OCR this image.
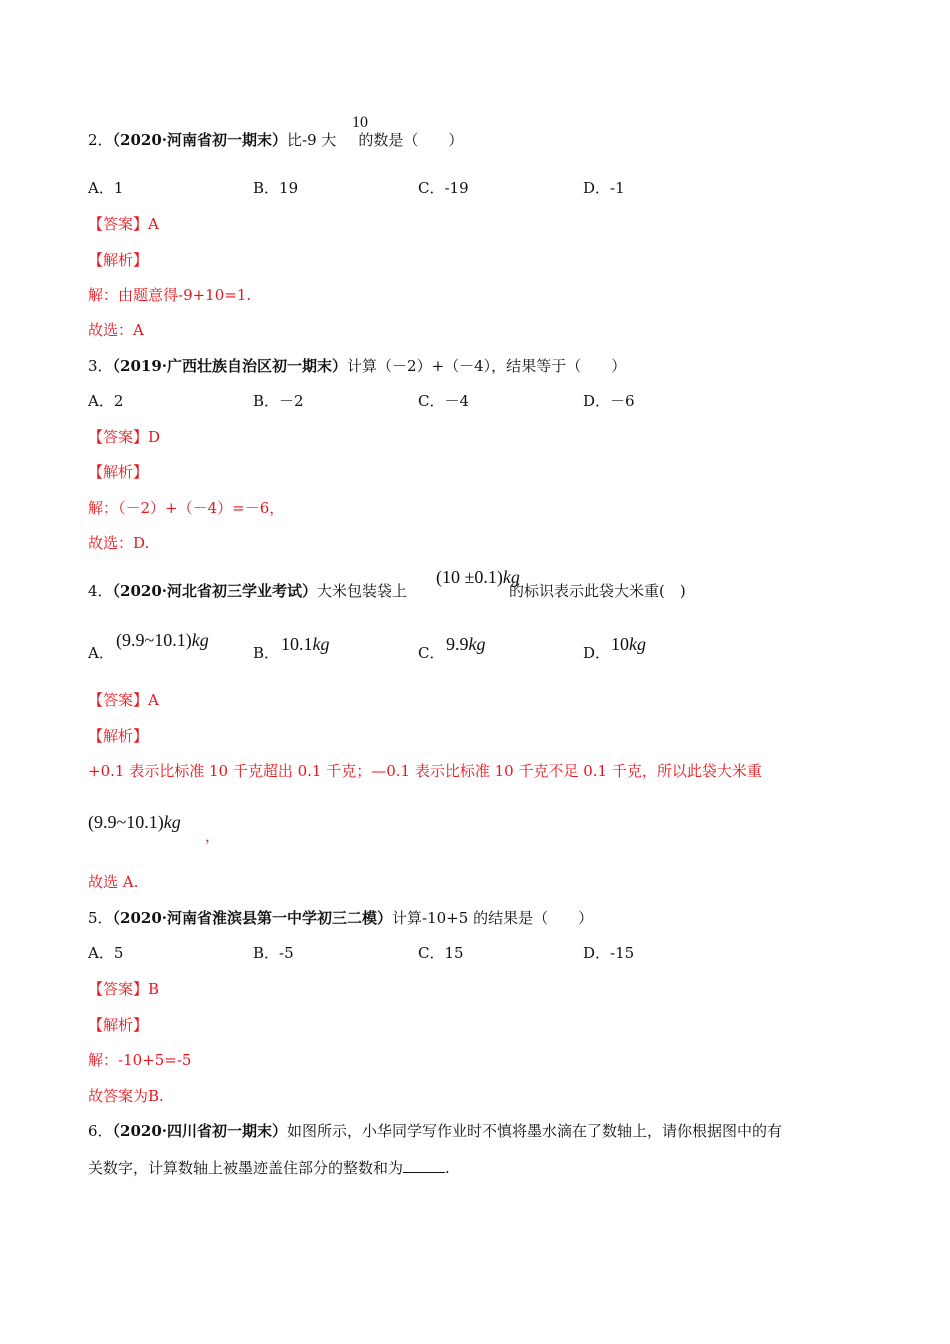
2．（2020·河南省初一期末）比-9 大 的数是（　　）
10
A．1	B．19	C．-19	D．-1
【答案】A
【解析】
解：由题意得-9+10=1.
故选：A
3．（2019·广西壮族自治区初一期末）计算（－2）+（－4），结果等于（　　）
A．2	B．－2	C．－4	D．－6
【答案】D
【解析】
解：（－2）+（－4）=－6，
故选：D.
4．（2020·河北省初三学业考试）大米包装袋上	的标识表示此袋大米重(　)
(10 ±0.1)kg
A．
(9.9~10.1)kg
B． 10.1kg	C． 9.9kg	D． 10kg
【答案】A
【解析】
+0.1 表示比标准 10 千克超出 0.1 千克；—0.1 表示比标准 10 千克不足 0.1 千克，所以此袋大米重
(9.9~10.1)kg
，
故选 A.
5．（2020·河南省淮滨县第一中学初三二模）计算-10+5 的结果是（　　）
A．5	B．-5	C．15	D．-15
【答案】B
【解析】
解：-10+5=-5
故答案为B.
6．（2020·四川省初一期末）如图所示，小华同学写作业时不慎将墨水滴在了数轴上，请你根据图中的有
关数字，计算数轴上被墨迹盖住部分的整数和为	.
